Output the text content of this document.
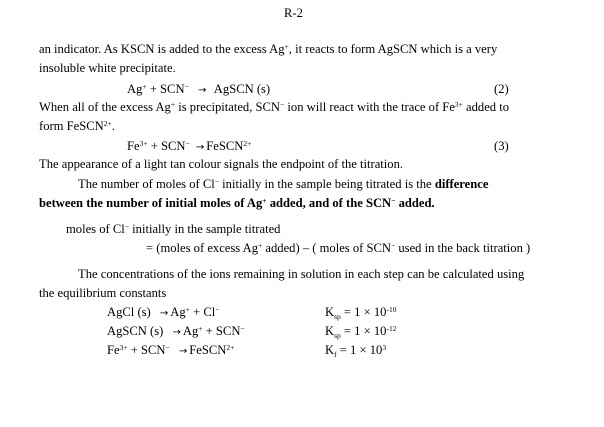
R-2
an indicator. As KSCN is added to the excess Ag+, it reacts to form AgSCN which is a very
insoluble white precipitate.
Ag+ + SCN− → AgSCN (s)	(2)
When all of the excess Ag+ is precipitated, SCN− ion will react with the trace of $Fe^{3+}$ added to
form FeSCN$^{2+}$.
$Fe^{3+} + SCN^-$ → FeSCN$^{2+}$	(3)
The appearance of a light tan colour signals the endpoint of the titration.
The number of moles of Cl− initially in the sample being titrated is the difference
between the number of initial moles of Ag+ added, and of the SCN− added.
moles of Cl− initially in the sample titrated
= (moles of excess Ag+ added) – ( moles of SCN− used in the back titration )
The concentrations of the ions remaining in solution in each step can be calculated using
the equilibrium constants
AgCl (s) → Ag+ + Cl−	$K_{sp} = 1 \times 10^{-10}$
AgSCN (s) → Ag+ + SCN−	$K_{sp} = 1 \times 10^{-12}$
$Fe^{3+} + SCN^-$ → FeSCN$^{2+}$	$K_f = 1 \times 10^3$
